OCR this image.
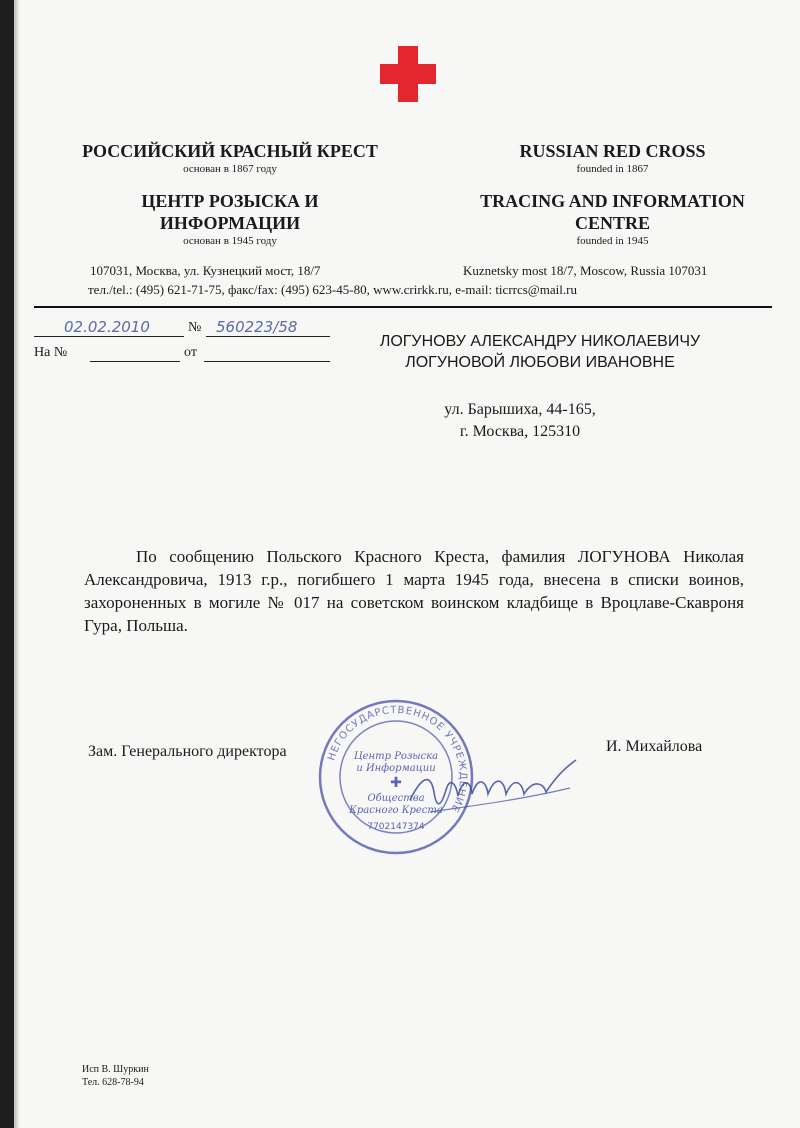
РОССИЙСКИЙ КРАСНЫЙ КРЕСТ
основан в 1867 году
ЦЕНТР РОЗЫСКА И
ИНФОРМАЦИИ
основан в 1945 году
RUSSIAN RED CROSS
founded in 1867
TRACING AND INFORMATION
CENTRE
founded in 1945
107031, Москва, ул. Кузнецкий мост, 18/7	Kuznetsky most 18/7, Moscow, Russia 107031
тел./tel.: (495) 621-71-75, факс/fax: (495) 623-45-80, www.crirkk.ru, e-mail: ticrrcs@mail.ru
02.02.2010	№ 560223/58
На №	от
ЛОГУНОВУ АЛЕКСАНДРУ НИКОЛАЕВИЧУ
ЛОГУНОВОЙ ЛЮБОВИ ИВАНОВНЕ
ул. Барышиха, 44-165,
г. Москва, 125310
По сообщению Польского Красного Креста, фамилия ЛОГУНОВА Николая Александровича, 1913 г.р., погибшего 1 марта 1945 года, внесена в списки воинов, захороненных в могиле № 017 на советском воинском кладбище в Вроцлаве-Скавроня Гура, Польша.
Зам. Генерального директора	И. Михайлова
НЕГОСУДАРСТВЕННОЕ УЧРЕЖДЕНИЕ
Центр Розыска
и Информации
✚
Общества
Красного Креста
7702147374
Исп В. Шуркин
Тел. 628-78-94
